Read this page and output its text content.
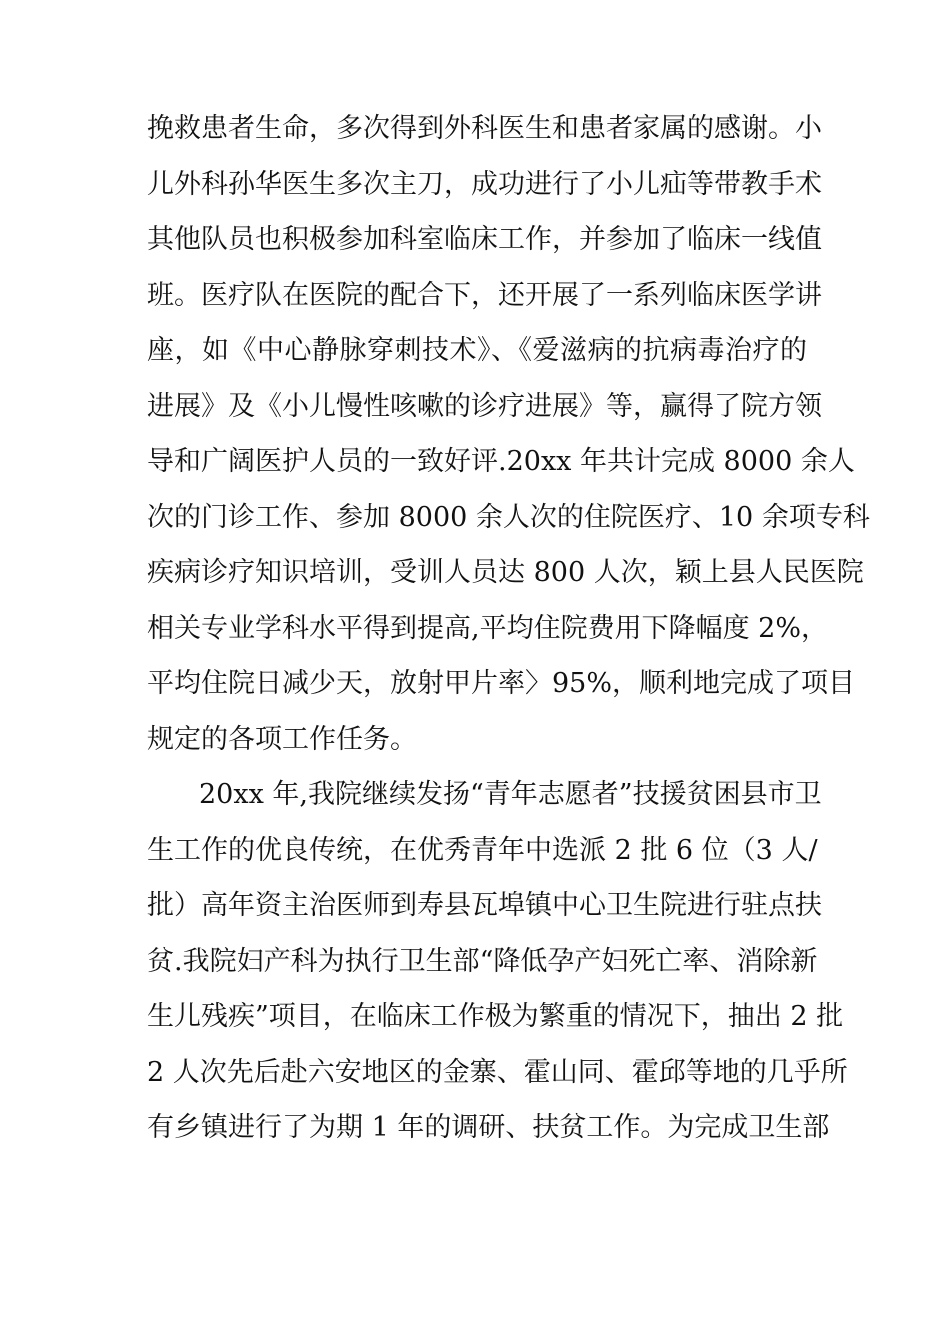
挽救患者生命，多次得到外科医生和患者家属的感谢。小
儿外科孙华医生多次主刀，成功进行了小儿疝等带教手术
其他队员也积极参加科室临床工作，并参加了临床一线值
班。医疗队在医院的配合下，还开展了一系列临床医学讲
座，如《中心静脉穿刺技术》、《爱滋病的抗病毒治疗的
进展》及《小儿慢性咳嗽的诊疗进展》等，赢得了院方领
导和广阔医护人员的一致好评.20xx 年共计完成 8000 余人
次的门诊工作、参加 8000 余人次的住院医疗、10 余项专科
疾病诊疗知识培训，受训人员达 800 人次，颖上县人民医院
相关专业学科水平得到提高,平均住院费用下降幅度 2%，
平均住院日减少天，放射甲片率〉95%，顺利地完成了项目
规定的各项工作任务。
20xx 年,我院继续发扬“青年志愿者”技援贫困县市卫
生工作的优良传统，在优秀青年中选派 2 批 6 位（3 人/
批）高年资主治医师到寿县瓦埠镇中心卫生院进行驻点扶
贫.我院妇产科为执行卫生部“降低孕产妇死亡率、消除新
生儿残疾”项目，在临床工作极为繁重的情况下，抽出 2 批
2 人次先后赴六安地区的金寨、霍山同、霍邱等地的几乎所
有乡镇进行了为期 1 年的调研、扶贫工作。为完成卫生部
